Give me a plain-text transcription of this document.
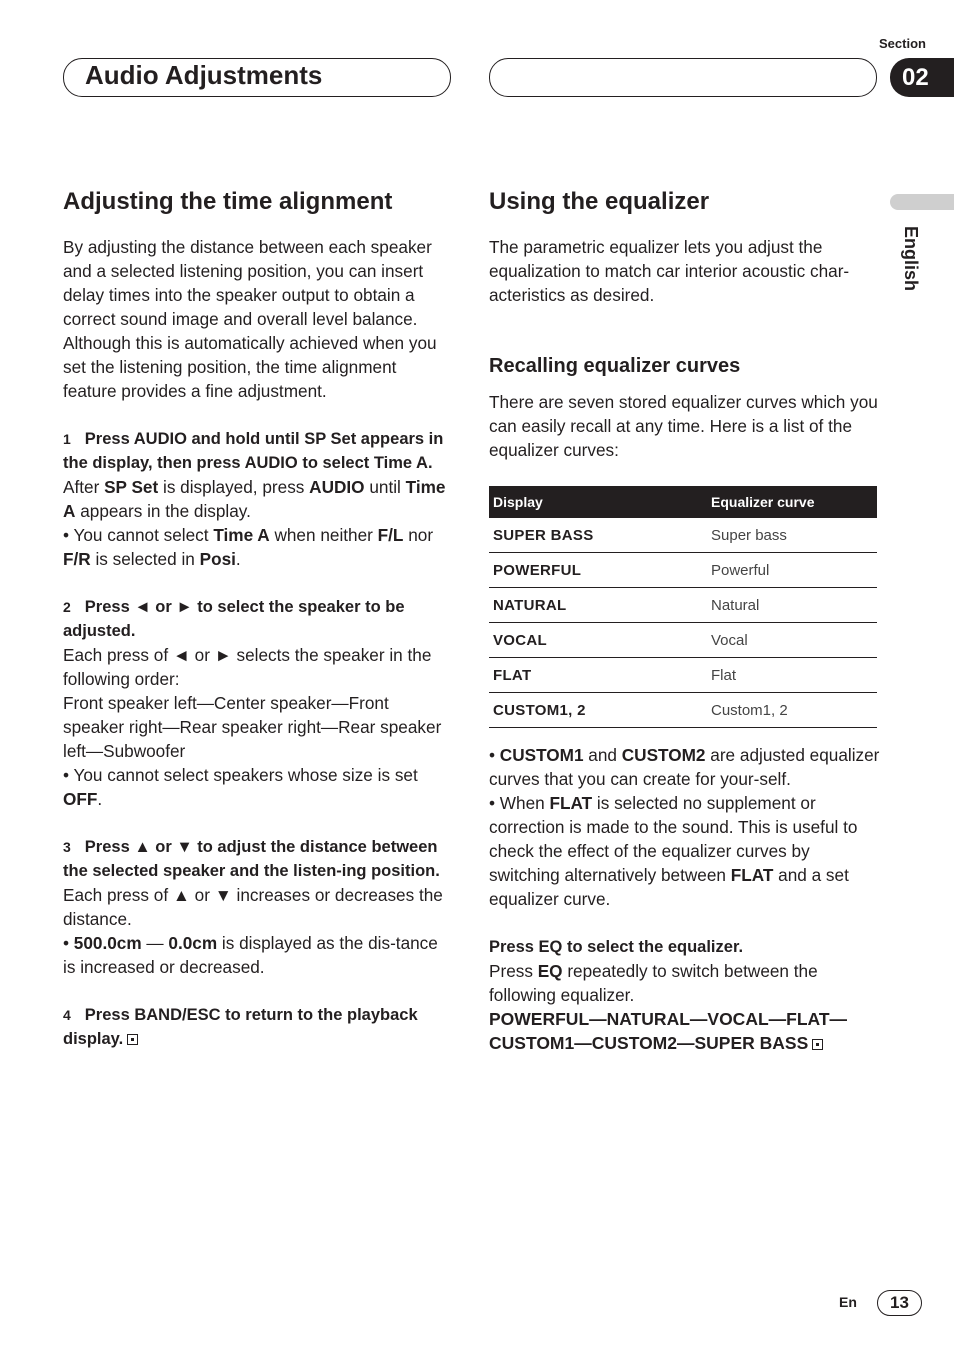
Audio Adjustments
Section
02
English
Adjusting the time alignment

By adjusting the distance between each speaker and a selected listening position, you can insert delay times into the speaker output to obtain a correct sound image and overall level balance. Although this is automatically achieved when you set the listening position, the time alignment feature provides a fine adjustment.

1 Press AUDIO and hold until SP Set appears in the display, then press AUDIO to select Time A.

After SP Set is displayed, press AUDIO until Time A appears in the display.

• You cannot select Time A when neither F/L nor F/R is selected in Posi.

2 Press ◄ or ► to select the speaker to be adjusted.

Each press of ◄ or ► selects the speaker in the following order:

Front speaker left—Center speaker—Front speaker right—Rear speaker right—Rear speaker left—Subwoofer

• You cannot select speakers whose size is set OFF.

3 Press ▲ or ▼ to adjust the distance between the selected speaker and the listen-ing position.

Each press of ▲ or ▼ increases or decreases the distance.

• 500.0cm — 0.0cm is displayed as the dis-tance is increased or decreased.

4 Press BAND/ESC to return to the playback display.

Using the equalizer

The parametric equalizer lets you adjust the equalization to match car interior acoustic char-acteristics as desired.

Recalling equalizer curves

There are seven stored equalizer curves which you can easily recall at any time. Here is a list of the equalizer curves:

Display	Equalizer curve
SUPER BASS	Super bass
POWERFUL	Powerful
NATURAL	Natural
VOCAL	Vocal
FLAT	Flat
CUSTOM1, 2	Custom1, 2

• CUSTOM1 and CUSTOM2 are adjusted equalizer curves that you can create for your-self.

• When FLAT is selected no supplement or correction is made to the sound. This is useful to check the effect of the equalizer curves by switching alternatively between FLAT and a set equalizer curve.

Press EQ to select the equalizer.

Press EQ repeatedly to switch between the following equalizer.

POWERFUL—NATURAL—VOCAL—FLAT—CUSTOM1—CUSTOM2—SUPER BASS

En 13
